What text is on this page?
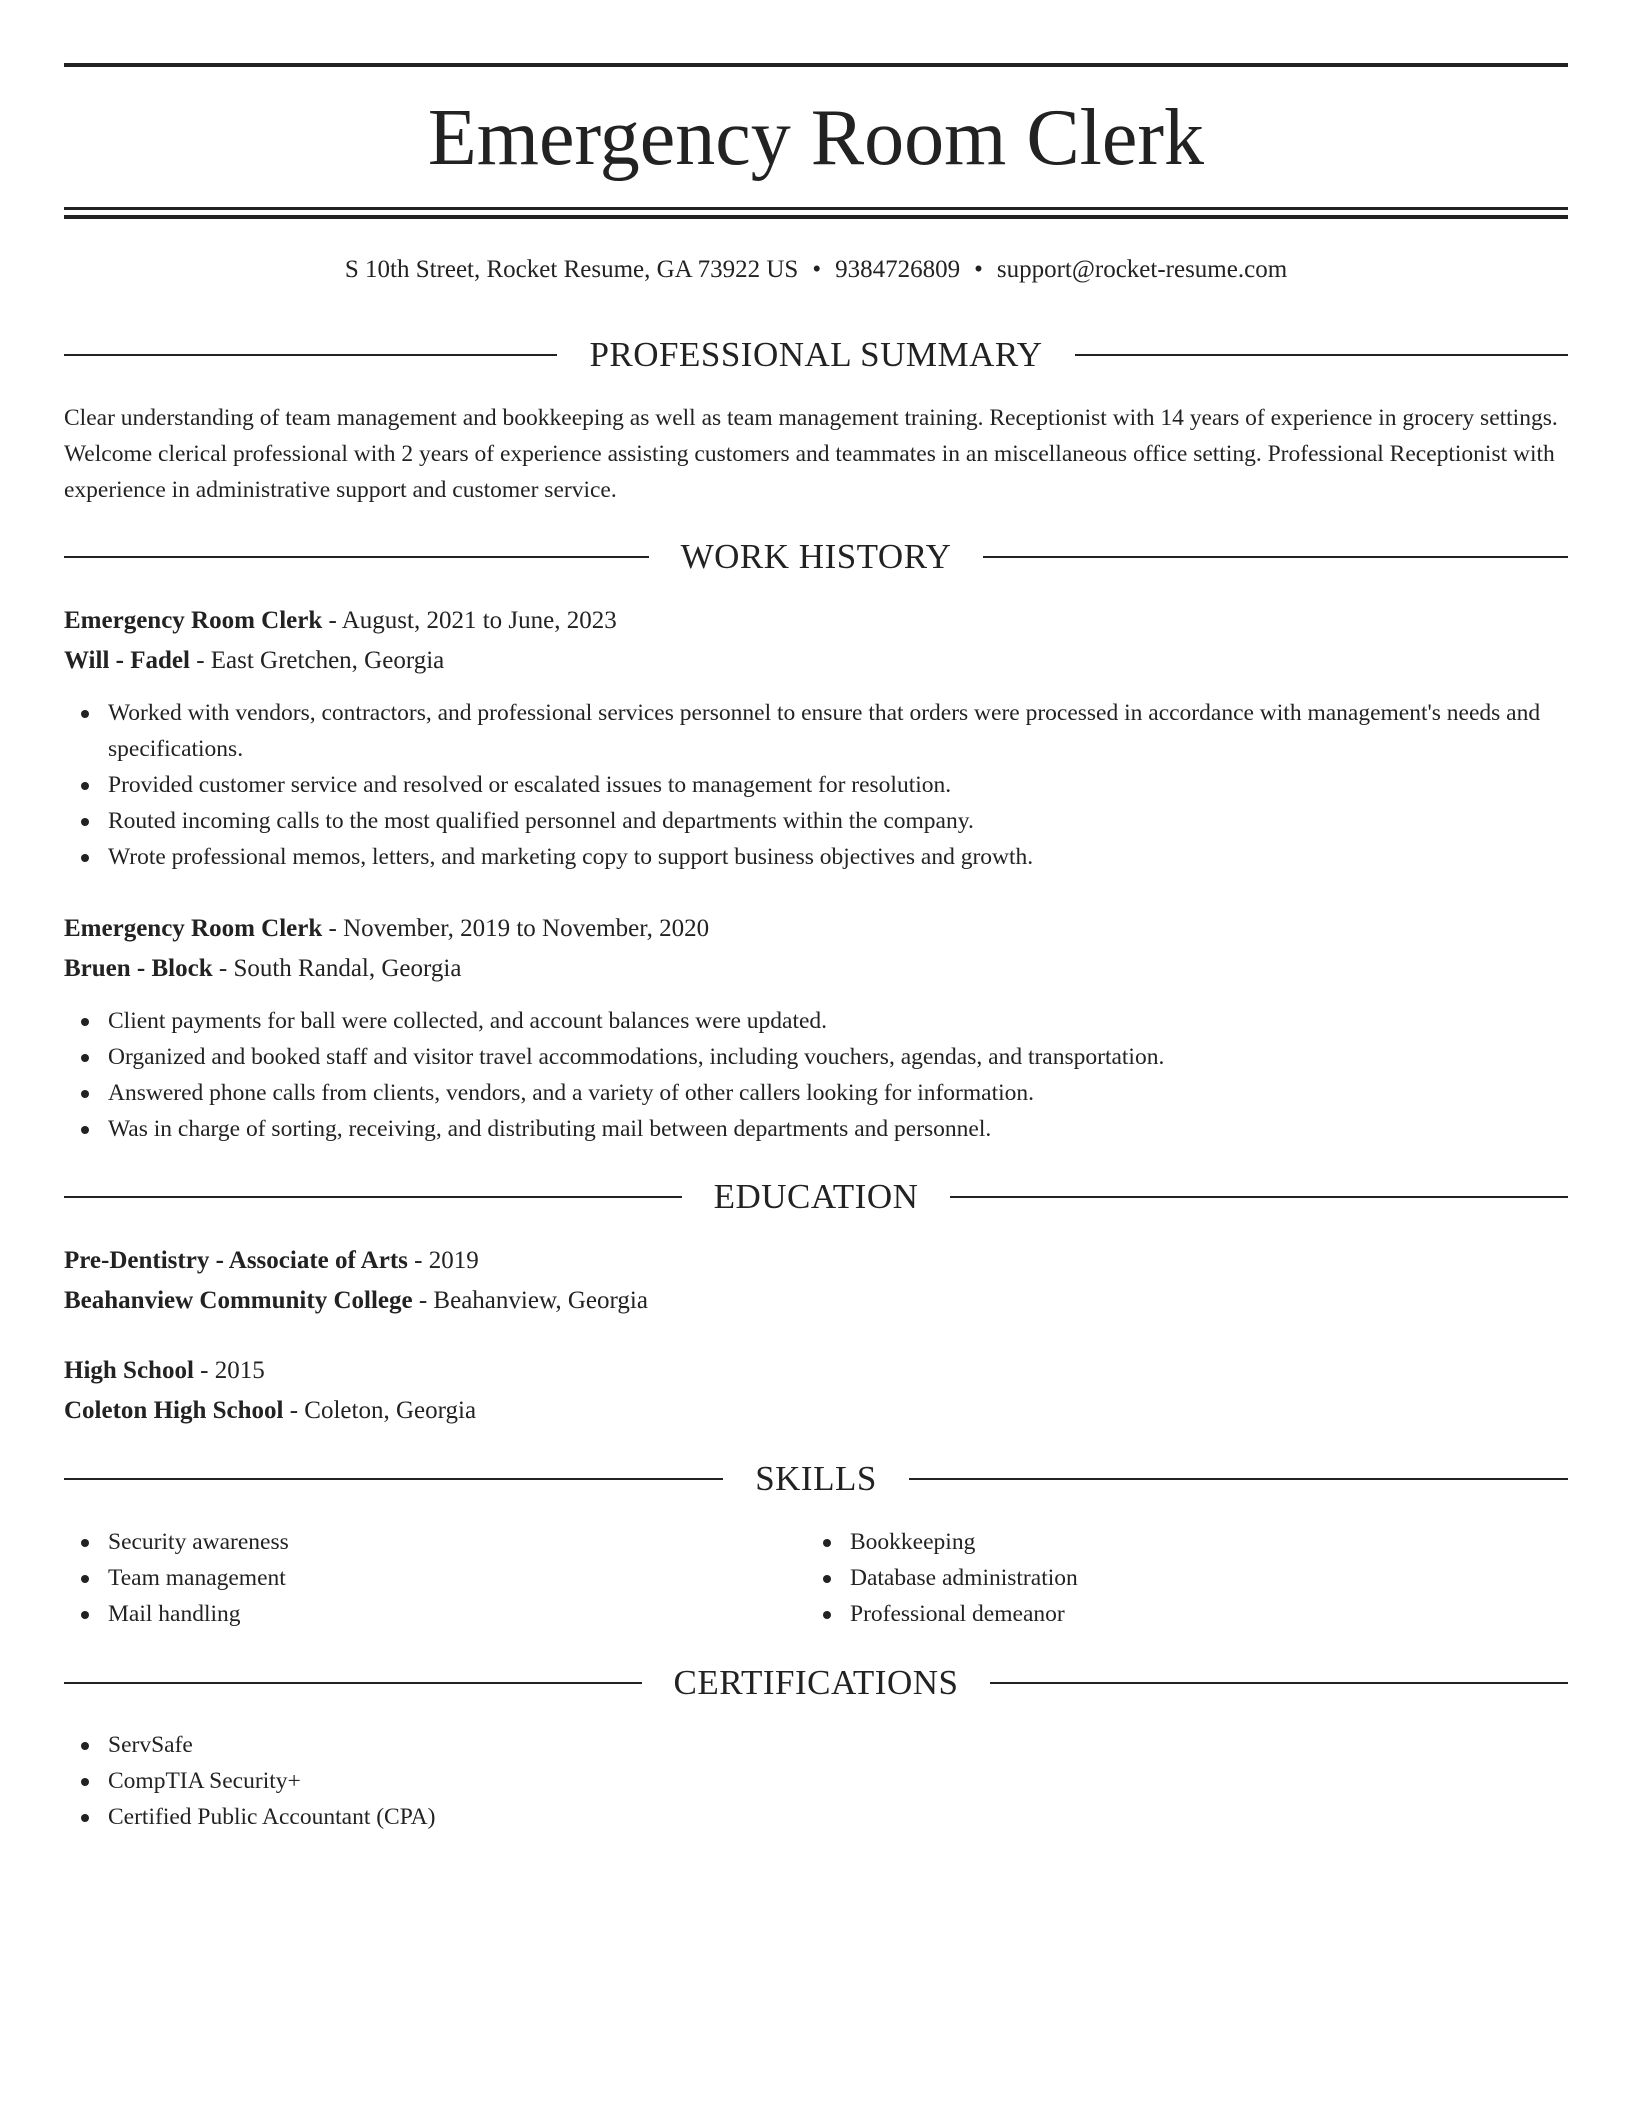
Emergency Room Clerk
S 10th Street, Rocket Resume, GA 73922 US • 9384726809 • support@rocket-resume.com
PROFESSIONAL SUMMARY

Clear understanding of team management and bookkeeping as well as team management training. Receptionist with 14 years of experience in grocery settings. Welcome clerical professional with 2 years of experience assisting customers and teammates in an miscellaneous office setting. Professional Receptionist with experience in administrative support and customer service.

WORK HISTORY
Emergency Room Clerk - August, 2021 to June, 2023
Will - Fadel - East Gretchen, Georgia
Worked with vendors, contractors, and professional services personnel to ensure that orders were processed in accordance with management's needs and specifications.
Provided customer service and resolved or escalated issues to management for resolution.
Routed incoming calls to the most qualified personnel and departments within the company.
Wrote professional memos, letters, and marketing copy to support business objectives and growth.
Emergency Room Clerk - November, 2019 to November, 2020
Bruen - Block - South Randal, Georgia
Client payments for ball were collected, and account balances were updated.
Organized and booked staff and visitor travel accommodations, including vouchers, agendas, and transportation.
Answered phone calls from clients, vendors, and a variety of other callers looking for information.
Was in charge of sorting, receiving, and distributing mail between departments and personnel.
EDUCATION
Pre-Dentistry - Associate of Arts - 2019
Beahanview Community College - Beahanview, Georgia
High School - 2015
Coleton High School - Coleton, Georgia
SKILLS
Security awareness
Team management
Mail handling
Bookkeeping
Database administration
Professional demeanor
CERTIFICATIONS
ServSafe
CompTIA Security+
Certified Public Accountant (CPA)
